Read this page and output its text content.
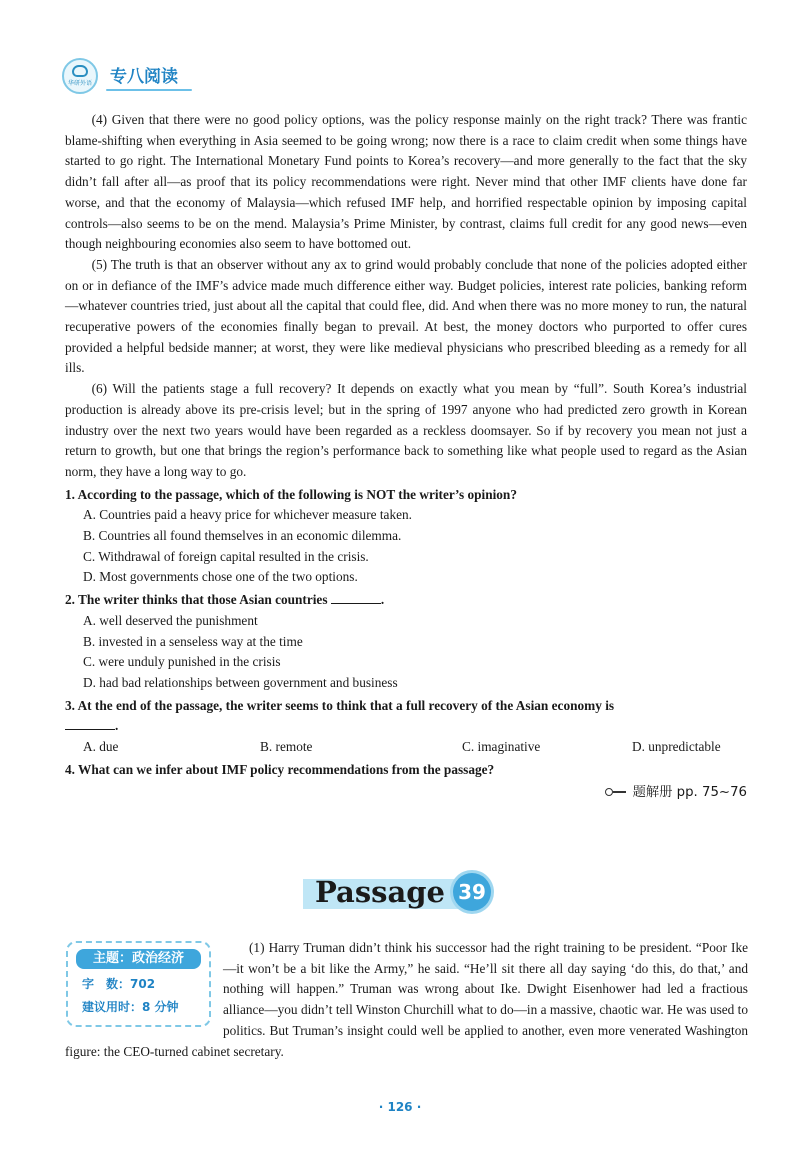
华研外语 专八阅读

(4) Given that there were no good policy options, was the policy response mainly on the right track? There was frantic blame-shifting when everything in Asia seemed to be going wrong; now there is a race to claim credit when some things have started to go right. The International Monetary Fund points to Korea’s recovery—and more generally to the fact that the sky didn’t fall after all—as proof that its policy recommendations were right. Never mind that other IMF clients have done far worse, and that the economy of Malaysia—which refused IMF help, and horrified respectable opinion by imposing capital controls—also seems to be on the mend. Malaysia’s Prime Minister, by contrast, claims full credit for any good news—even though neighbouring economies also seem to have bottomed out.

(5) The truth is that an observer without any ax to grind would probably conclude that none of the policies adopted either on or in defiance of the IMF’s advice made much difference either way. Budget policies, interest rate policies, banking reform—whatever countries tried, just about all the capital that could flee, did. And when there was no more money to run, the natural recuperative powers of the economies finally began to prevail. At best, the money doctors who purported to offer cures provided a helpful bedside manner; at worst, they were like medieval physicians who prescribed bleeding as a remedy for all ills.

(6) Will the patients stage a full recovery? It depends on exactly what you mean by “full”. South Korea’s industrial production is already above its pre-crisis level; but in the spring of 1997 anyone who had predicted zero growth in Korean industry over the next two years would have been regarded as a reckless doomsayer. So if by recovery you mean not just a return to growth, but one that brings the region’s performance back to something like what people used to regard as the Asian norm, they have a long way to go.

1. According to the passage, which of the following is NOT the writer’s opinion?
A. Countries paid a heavy price for whichever measure taken.
B. Countries all found themselves in an economic dilemma.
C. Withdrawal of foreign capital resulted in the crisis.
D. Most governments chose one of the two options.
2. The writer thinks that those Asian countries	.
A. well deserved the punishment
B. invested in a senseless way at the time
C. were unduly punished in the crisis
D. had bad relationships between government and business
3. At the end of the passage, the writer seems to think that a full recovery of the Asian economy is
.
A. due	B. remote	C. imaginative	D. unpredictable
4. What can we infer about IMF policy recommendations from the passage?
题解册 pp. 75~76
Passage 39

(1) Harry Truman didn’t think his successor had the right training to be president. “Poor Ike—it won’t be a bit like the Army,” he said. “He’ll sit there all day saying ‘do this, do that,’ and nothing will happen.” Truman was wrong about Ike. Dwight Eisenhower had led a fractious alliance—you didn’t tell Winston Churchill what to do—in a massive, chaotic war. He was used to politics. But Truman’s insight could well be applied to another, even more venerated Washington figure: the CEO-turned cabinet secretary.

主题：政治经济
字　数：702
建议用时：8 分钟
· 126 ·
